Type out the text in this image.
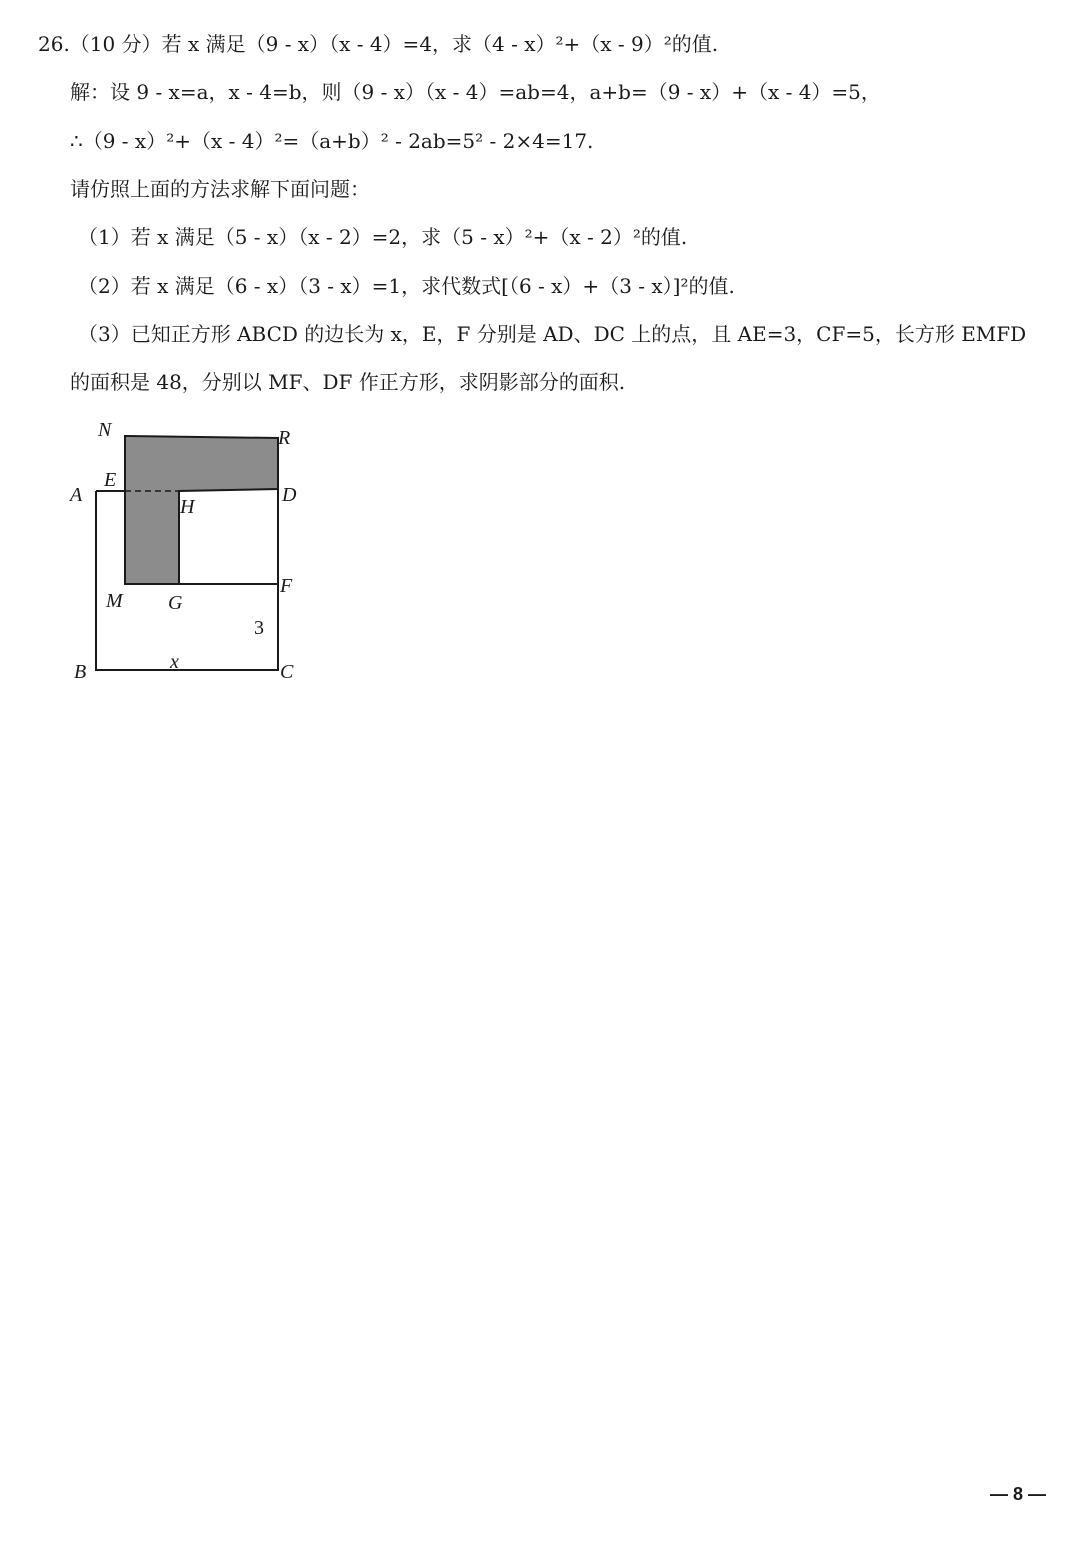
26.（10 分）若 x 满足（9 - x）（x - 4）=4，求（4 - x）²+（x - 9）²的值.
解：设 9 - x=a，x - 4=b，则（9 - x）（x - 4）=ab=4，a+b=（9 - x）+（x - 4）=5，
∴（9 - x）²+（x - 4）²=（a+b）² - 2ab=5² - 2×4=17.
请仿照上面的方法求解下面问题：
（1）若 x 满足（5 - x）（x - 2）=2，求（5 - x）²+（x - 2）²的值.
（2）若 x 满足（6 - x）（3 - x）=1，求代数式[（6 - x）+（3 - x）]²的值.
（3）已知正方形 ABCD 的边长为 x，E，F 分别是 AD、DC 上的点，且 AE=3，CF=5，长方形 EMFD
的面积是 48，分别以 MF、DF 作正方形，求阴影部分的面积.
N	R
E
A	D
H
M G
F
3
B	x	C
— 8 —
